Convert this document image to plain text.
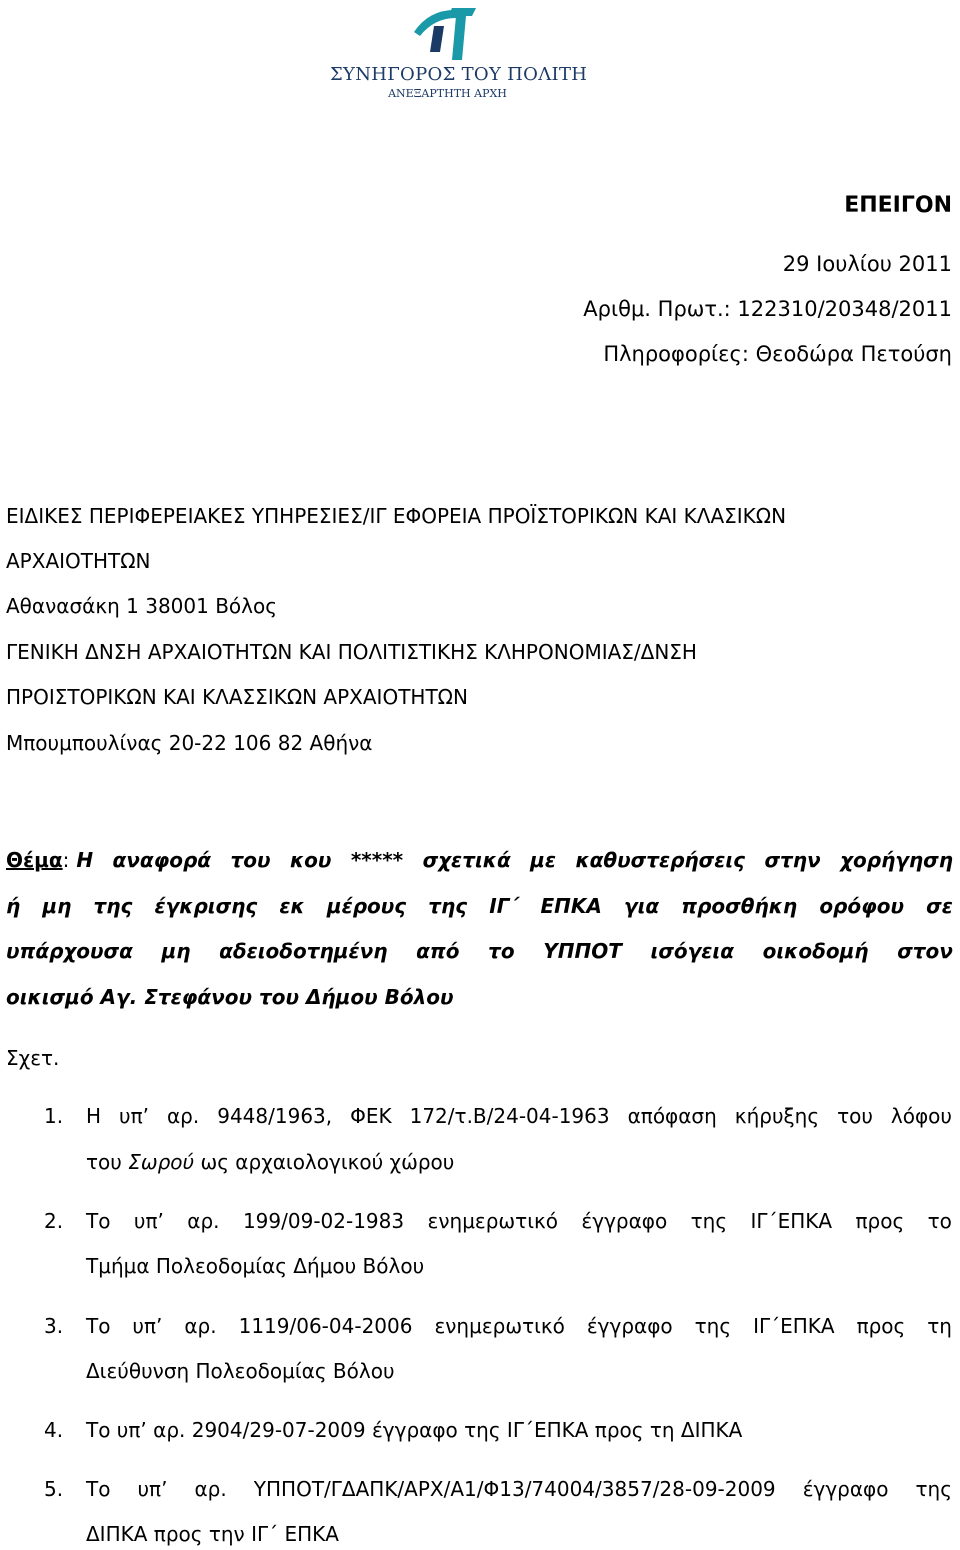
ΣΥΝΗΓΟΡΟΣ ΤΟΥ ΠΟΛΙΤΗ
ΑΝΕΞΑΡΤΗΤΗ ΑΡΧΗ
ΕΠΕΙΓΟΝ
29 Ιουλίου 2011
Αριθμ. Πρωτ.: 122310/20348/2011
Πληροφορίες: Θεοδώρα Πετούση
ΕΙΔΙΚΕΣ ΠΕΡΙΦΕΡΕΙΑΚΕΣ ΥΠΗΡΕΣΙΕΣ/ΙΓ ΕΦΟΡΕΙΑ ΠΡΟΪΣΤΟΡΙΚΩΝ ΚΑΙ ΚΛΑΣΙΚΩΝ
ΑΡΧΑΙΟΤΗΤΩΝ
Αθανασάκη 1 38001 Βόλος
ΓΕΝΙΚΗ ΔΝΣΗ ΑΡΧΑΙΟΤΗΤΩΝ ΚΑΙ ΠΟΛΙΤΙΣΤΙΚΗΣ ΚΛΗΡΟΝΟΜΙΑΣ/ΔΝΣΗ
ΠΡΟΙΣΤΟΡΙΚΩΝ ΚΑΙ ΚΛΑΣΣΙΚΩΝ ΑΡΧΑΙΟΤΗΤΩΝ
Μπουμπουλίνας 20-22 106 82 Αθήνα
Θέμα: Η αναφορά του κου ***** σχετικά με καθυστερήσεις στην χορήγηση
ή μη της έγκρισης εκ μέρους της ΙΓ΄ ΕΠΚΑ για προσθήκη ορόφου σε
υπάρχουσα μη αδειοδοτημένη από το ΥΠΠΟΤ ισόγεια οικοδομή στον
οικισμό Αγ. Στεφάνου του Δήμου Βόλου
Σχετ.
1. Η υπ’ αρ. 9448/1963, ΦΕΚ 172/τ.Β/24-04-1963 απόφαση κήρυξης του λόφου
του Σωρού ως αρχαιολογικού χώρου
2. Το υπ’ αρ. 199/09-02-1983 ενημερωτικό έγγραφο της ΙΓ΄ΕΠΚΑ προς το
Τμήμα Πολεοδομίας Δήμου Βόλου
3. Το υπ’ αρ. 1119/06-04-2006 ενημερωτικό έγγραφο της ΙΓ΄ΕΠΚΑ προς τη
Διεύθυνση Πολεοδομίας Βόλου
4. Το υπ’ αρ. 2904/29-07-2009 έγγραφο της ΙΓ΄ΕΠΚΑ προς τη ΔΙΠΚΑ
5. Το υπ’ αρ. ΥΠΠΟΤ/ΓΔΑΠΚ/ΑΡΧ/Α1/Φ13/74004/3857/28-09-2009 έγγραφο της
ΔΙΠΚΑ προς την ΙΓ΄ ΕΠΚΑ
